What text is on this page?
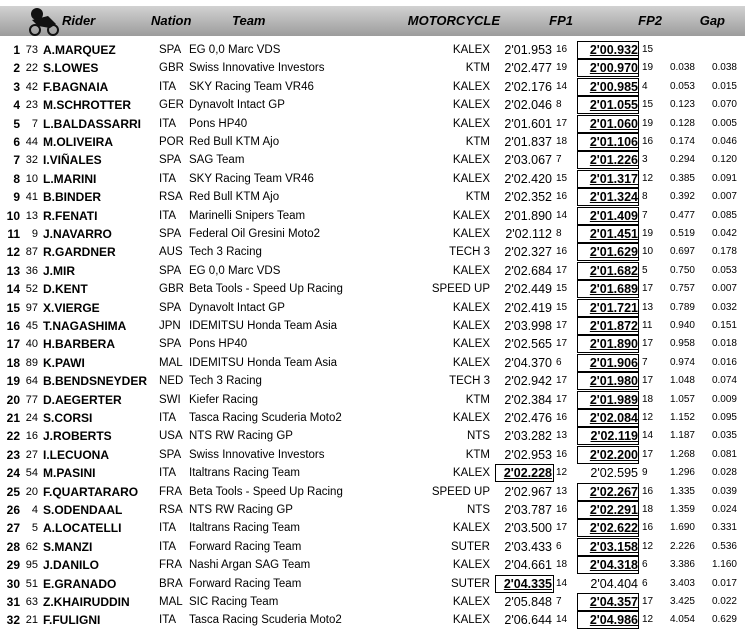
Rider	Nation	Team	MOTORCYCLE	FP1	FP2	Gap
1 73 A.MARQUEZ	SPA EG 0,0 Marc VDS	KALEX	2'01.953 16	2'00.932 15
2 22 S.LOWES	GBR Swiss Innovative Investors	KTM	2'02.477 19	2'00.970 19	0.038	0.038
3 42 F.BAGNAIA	ITA SKY Racing Team VR46	KALEX	2'02.176 14	2'00.985 4	0.053	0.015
4 23 M.SCHROTTER	GER Dynavolt Intact GP	KALEX	2'02.046 8	2'01.055 15	0.123	0.070
5	7 L.BALDASSARRI	ITA Pons HP40	KALEX	2'01.601 17	2'01.060 19	0.128	0.005
6 44 M.OLIVEIRA	POR Red Bull KTM Ajo	KTM	2'01.837 18	2'01.106 16	0.174	0.046
7 32 I.VIÑALES	SPA SAG Team	KALEX	2'03.067 7	2'01.226 3	0.294	0.120
8 10 L.MARINI	ITA SKY Racing Team VR46	KALEX	2'02.420 15	2'01.317 12	0.385	0.091
9 41 B.BINDER	RSA Red Bull KTM Ajo	KTM	2'02.352 16	2'01.324 8	0.392	0.007
10 13 R.FENATI	ITA Marinelli Snipers Team	KALEX	2'01.890 14	2'01.409 7	0.477	0.085
11	9 J.NAVARRO	SPA Federal Oil Gresini Moto2	KALEX	2'02.112 8	2'01.451 19	0.519	0.042
12 87 R.GARDNER	AUS Tech 3 Racing	TECH 3	2'02.327 16	2'01.629 10	0.697	0.178
13 36 J.MIR	SPA EG 0,0 Marc VDS	KALEX	2'02.684 17	2'01.682 5	0.750	0.053
14 52 D.KENT	GBR Beta Tools - Speed Up Racing	SPEED UP	2'02.449 15	2'01.689 17	0.757	0.007
15 97 X.VIERGE	SPA Dynavolt Intact GP	KALEX	2'02.419 15	2'01.721 13	0.789	0.032
16 45 T.NAGASHIMA	JPN IDEMITSU Honda Team Asia	KALEX	2'03.998 17	2'01.872 11	0.940	0.151
17 40 H.BARBERA	SPA Pons HP40	KALEX	2'02.565 17	2'01.890 17	0.958	0.018
18 89 K.PAWI	MAL IDEMITSU Honda Team Asia	KALEX	2'04.370 6	2'01.906 7	0.974	0.016
19 64 B.BENDSNEYDER	NED Tech 3 Racing	TECH 3	2'02.942 17	2'01.980 17	1.048	0.074
20 77 D.AEGERTER	SWI Kiefer Racing	KTM	2'02.384 17	2'01.989 18	1.057	0.009
21 24 S.CORSI	ITA Tasca Racing Scuderia Moto2	KALEX	2'02.476 16	2'02.084 12	1.152	0.095
22 16 J.ROBERTS	USA NTS RW Racing GP	NTS	2'03.282 13	2'02.119 14	1.187	0.035
23 27 I.LECUONA	SPA Swiss Innovative Investors	KTM	2'02.953 16	2'02.200 17	1.268	0.081
24 54 M.PASINI	ITA Italtrans Racing Team	KALEX	2'02.228 12	2'02.595 9	1.296	0.028
25 20 F.QUARTARARO	FRA Beta Tools - Speed Up Racing	SPEED UP	2'02.967 13	2'02.267 16	1.335	0.039
26	4 S.ODENDAAL	RSA NTS RW Racing GP	NTS	2'03.787 16	2'02.291 18	1.359	0.024
27	5 A.LOCATELLI	ITA Italtrans Racing Team	KALEX	2'03.500 17	2'02.622 16	1.690	0.331
28 62 S.MANZI	ITA Forward Racing Team	SUTER	2'03.433 6	2'03.158 12	2.226	0.536
29 95 J.DANILO	FRA Nashi Argan SAG Team	KALEX	2'04.661 18	2'04.318 6	3.386	1.160
30 51 E.GRANADO	BRA Forward Racing Team	SUTER	2'04.335 14	2'04.404 6	3.403	0.017
31 63 Z.KHAIRUDDIN	MAL SIC Racing Team	KALEX	2'05.848 7	2'04.357 17	3.425	0.022
32 21 F.FULIGNI	ITA Tasca Racing Scuderia Moto2	KALEX	2'06.644 14	2'04.986 12	4.054	0.629
